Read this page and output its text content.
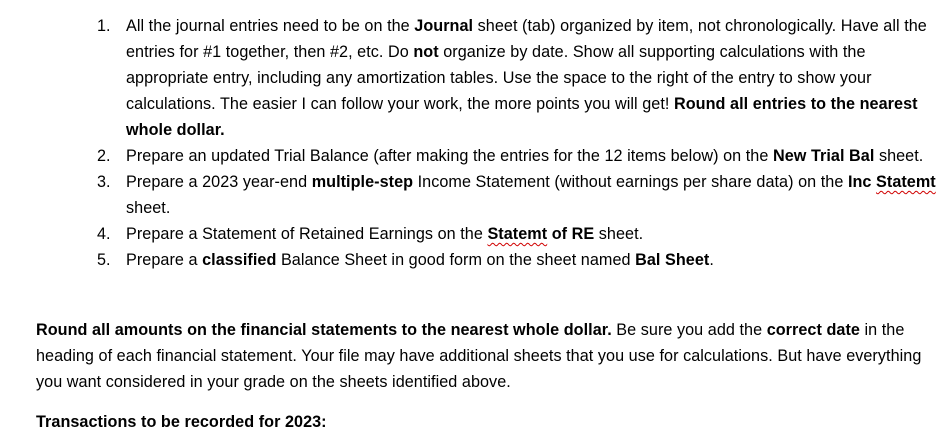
1. All the journal entries need to be on the Journal sheet (tab) organized by item, not chronologically. Have all the entries for #1 together, then #2, etc. Do not organize by date. Show all supporting calculations with the appropriate entry, including any amortization tables. Use the space to the right of the entry to show your calculations. The easier I can follow your work, the more points you will get! Round all entries to the nearest whole dollar.
2. Prepare an updated Trial Balance (after making the entries for the 12 items below) on the New Trial Bal sheet.
3. Prepare a 2023 year-end multiple-step Income Statement (without earnings per share data) on the Inc Statemt sheet.
4. Prepare a Statement of Retained Earnings on the Statemt of RE sheet.
5. Prepare a classified Balance Sheet in good form on the sheet named Bal Sheet.

Round all amounts on the financial statements to the nearest whole dollar. Be sure you add the correct date in the heading of each financial statement. Your file may have additional sheets that you use for calculations. But have everything you want considered in your grade on the sheets identified above.

Transactions to be recorded for 2023:
